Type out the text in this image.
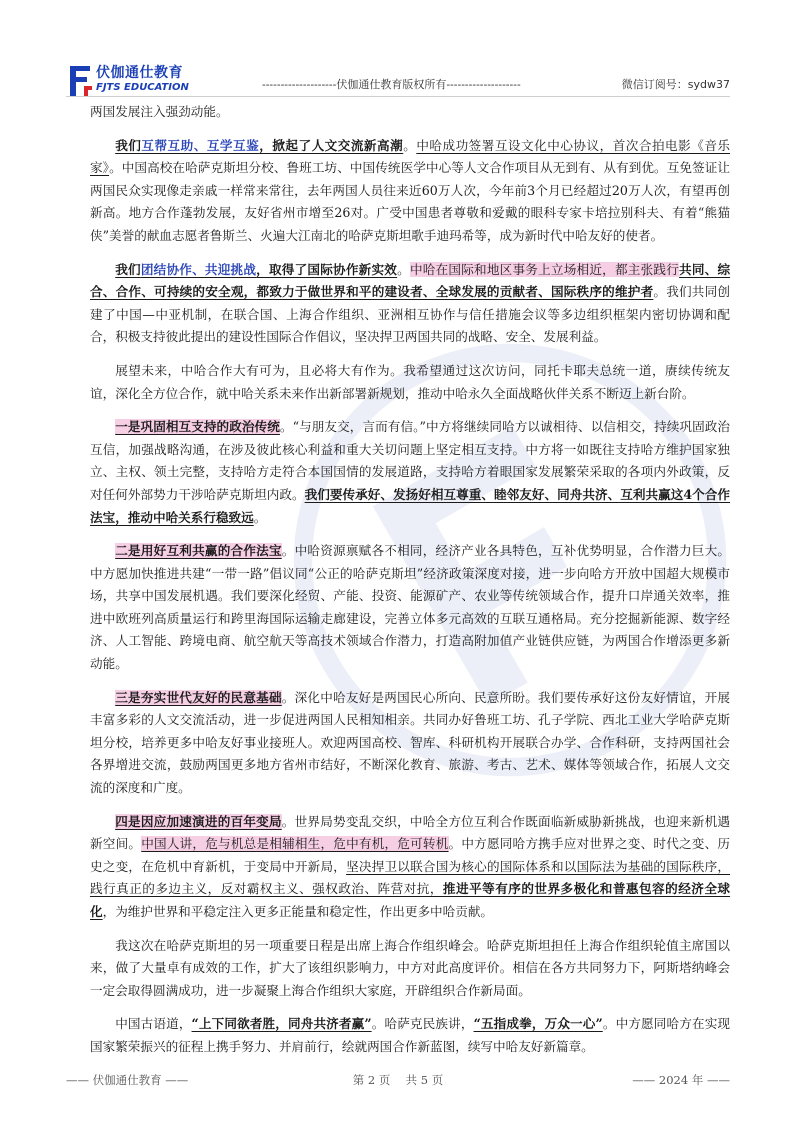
伏伽通仕教育
FJTS EDUCATION	--------------------伏伽通仕教育版权所有--------------------	微信订阅号：sydw37

两国发展注入强劲动能。

我们互帮互助、互学互鉴，掀起了人文交流新高潮。中哈成功签署互设文化中心协议，首次合拍电影《音乐家》。中国高校在哈萨克斯坦分校、鲁班工坊、中国传统医学中心等人文合作项目从无到有、从有到优。互免签证让两国民众实现像走亲戚一样常来常往，去年两国人员往来近60万人次，今年前3个月已经超过20万人次，有望再创新高。地方合作蓬勃发展，友好省州市增至26对。广受中国患者尊敬和爱戴的眼科专家卡培拉别科夫、有着“熊猫侠”美誉的献血志愿者鲁斯兰、火遍大江南北的哈萨克斯坦歌手迪玛希等，成为新时代中哈友好的使者。

我们团结协作、共迎挑战，取得了国际协作新实效。中哈在国际和地区事务上立场相近，都主张践行共同、综合、合作、可持续的安全观，都致力于做世界和平的建设者、全球发展的贡献者、国际秩序的维护者。我们共同创建了中国—中亚机制，在联合国、上海合作组织、亚洲相互协作与信任措施会议等多边组织框架内密切协调和配合，积极支持彼此提出的建设性国际合作倡议，坚决捍卫两国共同的战略、安全、发展利益。

展望未来，中哈合作大有可为，且必将大有作为。我希望通过这次访问，同托卡耶夫总统一道，赓续传统友谊，深化全方位合作，就中哈关系未来作出新部署新规划，推动中哈永久全面战略伙伴关系不断迈上新台阶。

一是巩固相互支持的政治传统。“与朋友交，言而有信。”中方将继续同哈方以诚相待、以信相交，持续巩固政治互信，加强战略沟通，在涉及彼此核心利益和重大关切问题上坚定相互支持。中方将一如既往支持哈方维护国家独立、主权、领土完整，支持哈方走符合本国国情的发展道路，支持哈方着眼国家发展繁荣采取的各项内外政策，反对任何外部势力干涉哈萨克斯坦内政。我们要传承好、发扬好相互尊重、睦邻友好、同舟共济、互利共赢这4个合作法宝，推动中哈关系行稳致远。

二是用好互利共赢的合作法宝。中哈资源禀赋各不相同，经济产业各具特色，互补优势明显，合作潜力巨大。中方愿加快推进共建“一带一路”倡议同“公正的哈萨克斯坦”经济政策深度对接，进一步向哈方开放中国超大规模市场，共享中国发展机遇。我们要深化经贸、产能、投资、能源矿产、农业等传统领域合作，提升口岸通关效率，推进中欧班列高质量运行和跨里海国际运输走廊建设，完善立体多元高效的互联互通格局。充分挖掘新能源、数字经济、人工智能、跨境电商、航空航天等高技术领域合作潜力，打造高附加值产业链供应链，为两国合作增添更多新动能。

三是夯实世代友好的民意基础。深化中哈友好是两国民心所向、民意所盼。我们要传承好这份友好情谊，开展丰富多彩的人文交流活动，进一步促进两国人民相知相亲。共同办好鲁班工坊、孔子学院、西北工业大学哈萨克斯坦分校，培养更多中哈友好事业接班人。欢迎两国高校、智库、科研机构开展联合办学、合作科研，支持两国社会各界增进交流，鼓励两国更多地方省州市结好，不断深化教育、旅游、考古、艺术、媒体等领域合作，拓展人文交流的深度和广度。

四是因应加速演进的百年变局。世界局势变乱交织，中哈全方位互利合作既面临新威胁新挑战，也迎来新机遇新空间。中国人讲，危与机总是相辅相生，危中有机，危可转机。中方愿同哈方携手应对世界之变、时代之变、历史之变，在危机中育新机，于变局中开新局，坚决捍卫以联合国为核心的国际体系和以国际法为基础的国际秩序，践行真正的多边主义，反对霸权主义、强权政治、阵营对抗，推进平等有序的世界多极化和普惠包容的经济全球化，为维护世界和平稳定注入更多正能量和稳定性，作出更多中哈贡献。

我这次在哈萨克斯坦的另一项重要日程是出席上海合作组织峰会。哈萨克斯坦担任上海合作组织轮值主席国以来，做了大量卓有成效的工作，扩大了该组织影响力，中方对此高度评价。相信在各方共同努力下，阿斯塔纳峰会一定会取得圆满成功，进一步凝聚上海合作组织大家庭，开辟组织合作新局面。

中国古语道，“上下同欲者胜，同舟共济者赢”。哈萨克民族讲，“五指成拳，万众一心”。中方愿同哈方在实现国家繁荣振兴的征程上携手努力、并肩前行，绘就两国合作新蓝图，续写中哈友好新篇章。

—— 伏伽通仕教育 ——	第 2 页　 共 5 页	—— 2024 年 ——
